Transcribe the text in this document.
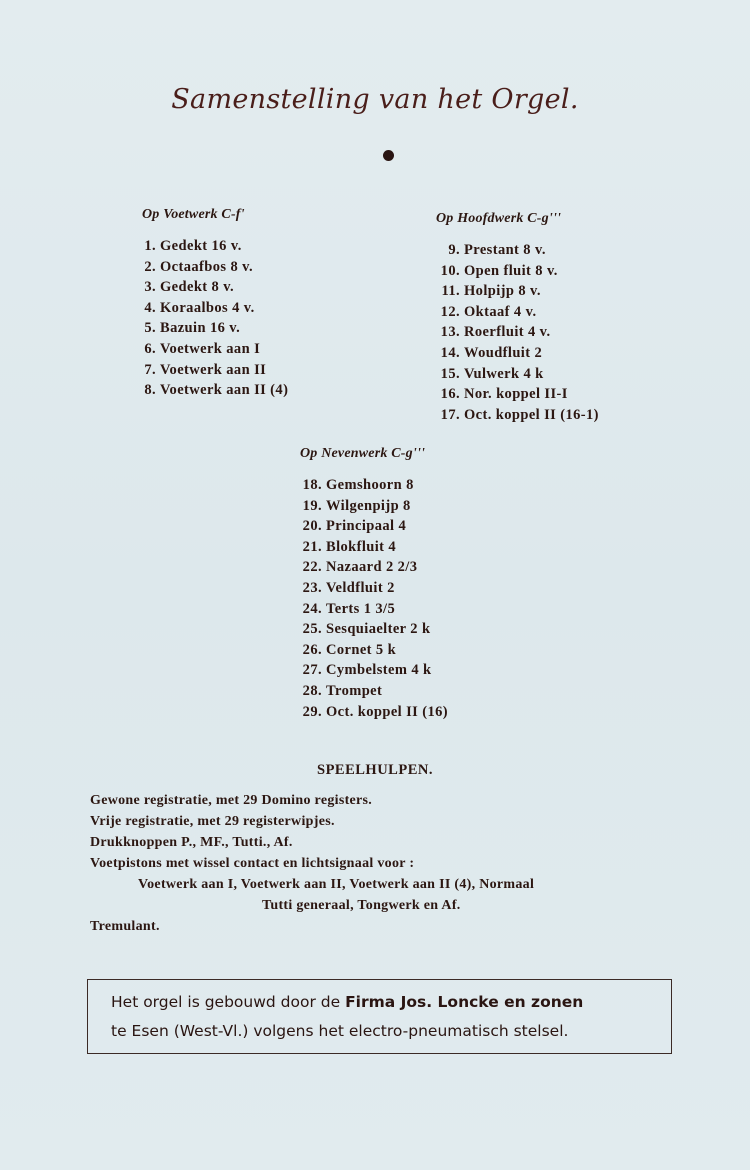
Samenstelling van het Orgel.
Op Voetwerk C-f'
1. Gedekt 16 v.
2. Octaafbos 8 v.
3. Gedekt 8 v.
4. Koraalbos 4 v.
5. Bazuin 16 v.
6. Voetwerk aan I
7. Voetwerk aan II
8. Voetwerk aan II (4)
Op Hoofdwerk C-g'''
9. Prestant 8 v.
10. Open fluit 8 v.
11. Holpijp 8 v.
12. Oktaaf 4 v.
13. Roerfluit 4 v.
14. Woudfluit 2
15. Vulwerk 4 k
16. Nor. koppel II-I
17. Oct. koppel II (16-1)
Op Nevenwerk C-g'''
18. Gemshoorn 8
19. Wilgenpijp 8
20. Principaal 4
21. Blokfluit 4
22. Nazaard 2 2/3
23. Veldfluit 2
24. Terts 1 3/5
25. Sesquiaelter 2 k
26. Cornet 5 k
27. Cymbelstem 4 k
28. Trompet
29. Oct. koppel II (16)
SPEELHULPEN.
Gewone registratie, met 29 Domino registers.
Vrije registratie, met 29 registerwipjes.
Drukknoppen P., MF., Tutti., Af.
Voetpistons met wissel contact en lichtsignaal voor :
Voetwerk aan I, Voetwerk aan II, Voetwerk aan II (4), Normaal
Tutti generaal, Tongwerk en Af.
Tremulant.
Het orgel is gebouwd door de Firma Jos. Loncke en zonen
te Esen (West-Vl.) volgens het electro-pneumatisch stelsel.
